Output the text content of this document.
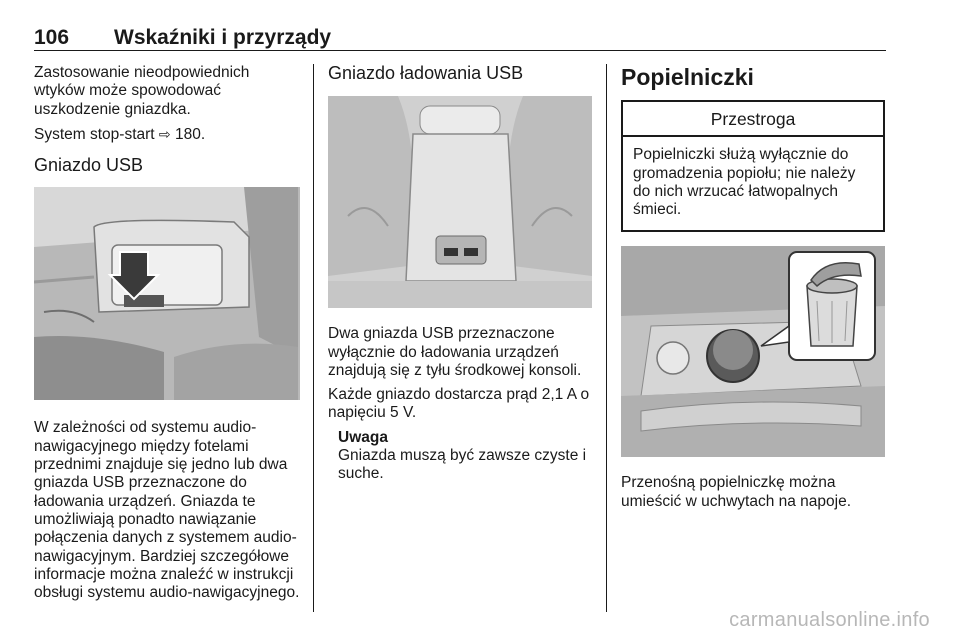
106 Wskaźniki i przyrządy

Zastosowanie nieodpowiednich wtyków może spowodować uszkodzenie gniazdka.

System stop-start ⇨ 180.

Gniazdo USB

W zależności od systemu audio-nawigacyjnego między fotelami przednimi znajduje się jedno lub dwa gniazda USB przeznaczone do ładowania urządzeń. Gniazda te umożliwiają ponadto nawiązanie połączenia danych z systemem audio-nawigacyjnym. Bardziej szczegółowe informacje można znaleźć w instrukcji obsługi systemu audio-nawigacyjnego.

Gniazdo ładowania USB

Dwa gniazda USB przeznaczone wyłącznie do ładowania urządzeń znajdują się z tyłu środkowej konsoli.

Każde gniazdo dostarcza prąd 2,1 A o napięciu 5 V.

Uwaga
Gniazda muszą być zawsze czyste i suche.
Popielniczki
Przestroga
Popielniczki służą wyłącznie do gromadzenia popiołu; nie należy do nich wrzucać łatwopalnych śmieci.

Przenośną popielniczkę można umieścić w uchwytach na napoje.

carmanualsonline.info
